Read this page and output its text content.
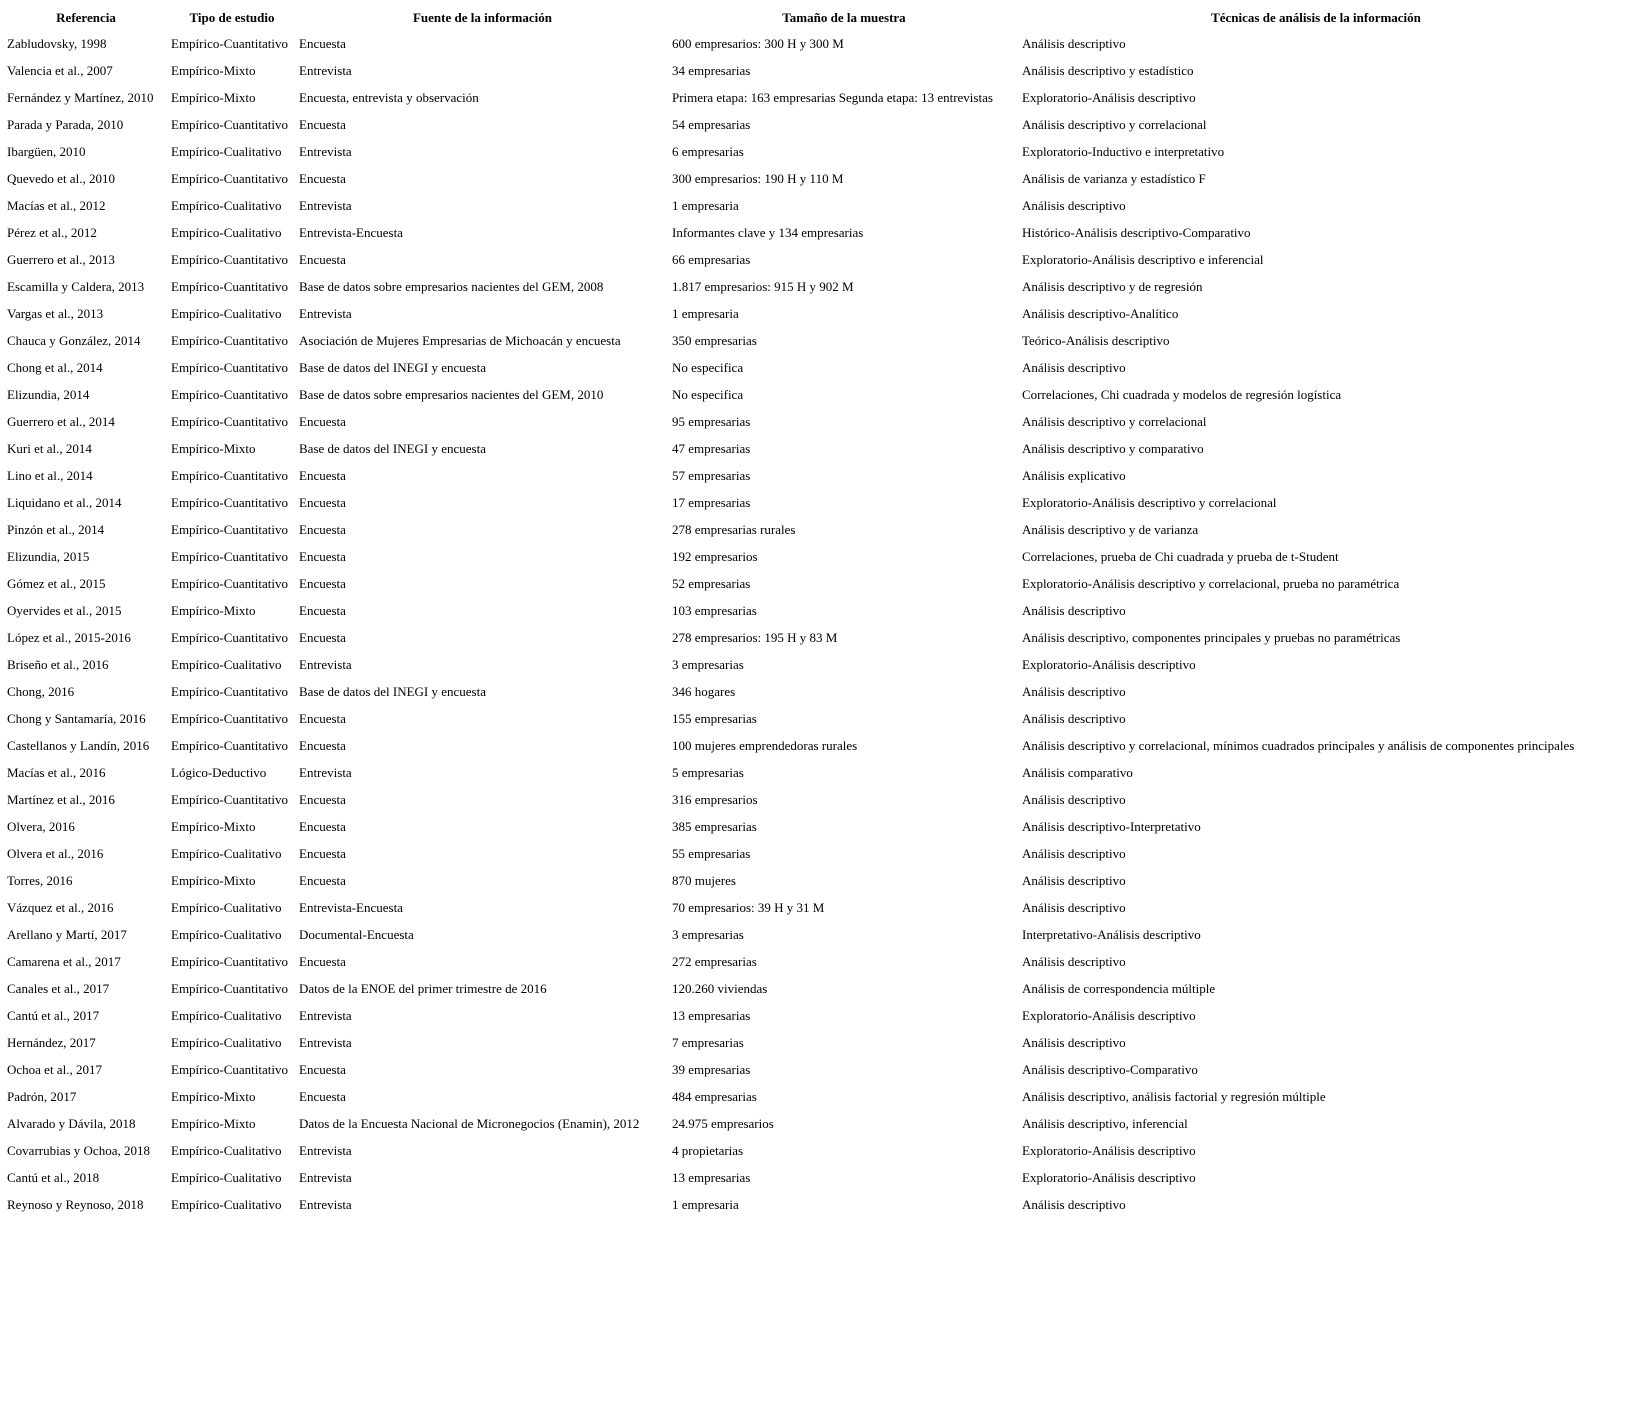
Referencia	Tipo de estudio	Fuente de la información	Tamaño de la muestra	Técnicas de análisis de la información
Zabludovsky, 1998	Empírico-Cuantitativo	Encuesta	600 empresarios: 300 H y 300 M	Análisis descriptivo
Valencia et al., 2007	Empírico-Mixto	Entrevista	34 empresarias	Análisis descriptivo y estadístico
Fernández y Martínez, 2010	Empírico-Mixto	Encuesta, entrevista y observación	Primera etapa: 163 empresarias Segunda etapa: 13 entrevistas	Exploratorio-Análisis descriptivo
Parada y Parada, 2010	Empírico-Cuantitativo	Encuesta	54 empresarias	Análisis descriptivo y correlacional
Ibargüen, 2010	Empírico-Cualitativo	Entrevista	6 empresarias	Exploratorio-Inductivo e interpretativo
Quevedo et al., 2010	Empírico-Cuantitativo	Encuesta	300 empresarios: 190 H y 110 M	Análisis de varianza y estadístico F
Macías et al., 2012	Empírico-Cualitativo	Entrevista	1 empresaria	Análisis descriptivo
Pérez et al., 2012	Empírico-Cualitativo	Entrevista-Encuesta	Informantes clave y 134 empresarias	Histórico-Análisis descriptivo-Comparativo
Guerrero et al., 2013	Empírico-Cuantitativo	Encuesta	66 empresarias	Exploratorio-Análisis descriptivo e inferencial
Escamilla y Caldera, 2013	Empírico-Cuantitativo	Base de datos sobre empresarios nacientes del GEM, 2008	1.817 empresarios: 915 H y 902 M	Análisis descriptivo y de regresión
Vargas et al., 2013	Empírico-Cualitativo	Entrevista	1 empresaria	Análisis descriptivo-Analítico
Chauca y González, 2014	Empírico-Cuantitativo	Asociación de Mujeres Empresarias de Michoacán y encuesta	350 empresarias	Teórico-Análisis descriptivo
Chong et al., 2014	Empírico-Cuantitativo	Base de datos del INEGI y encuesta	No especifica	Análisis descriptivo
Elizundia, 2014	Empírico-Cuantitativo	Base de datos sobre empresarios nacientes del GEM, 2010	No especifica	Correlaciones, Chi cuadrada y modelos de regresión logística
Guerrero et al., 2014	Empírico-Cuantitativo	Encuesta	95 empresarias	Análisis descriptivo y correlacional
Kuri et al., 2014	Empírico-Mixto	Base de datos del INEGI y encuesta	47 empresarias	Análisis descriptivo y comparativo
Lino et al., 2014	Empírico-Cuantitativo	Encuesta	57 empresarias	Análisis explicativo
Liquidano et al., 2014	Empírico-Cuantitativo	Encuesta	17 empresarias	Exploratorio-Análisis descriptivo y correlacional
Pinzón et al., 2014	Empírico-Cuantitativo	Encuesta	278 empresarias rurales	Análisis descriptivo y de varianza
Elizundia, 2015	Empírico-Cuantitativo	Encuesta	192 empresarios	Correlaciones, prueba de Chi cuadrada y prueba de t-Student
Gómez et al., 2015	Empírico-Cuantitativo	Encuesta	52 empresarias	Exploratorio-Análisis descriptivo y correlacional, prueba no paramétrica
Oyervides et al., 2015	Empírico-Mixto	Encuesta	103 empresarias	Análisis descriptivo
López et al., 2015-2016	Empírico-Cuantitativo	Encuesta	278 empresarios: 195 H y 83 M	Análisis descriptivo, componentes principales y pruebas no paramétricas
Briseño et al., 2016	Empírico-Cualitativo	Entrevista	3 empresarias	Exploratorio-Análisis descriptivo
Chong, 2016	Empírico-Cuantitativo	Base de datos del INEGI y encuesta	346 hogares	Análisis descriptivo
Chong y Santamaría, 2016	Empírico-Cuantitativo	Encuesta	155 empresarias	Análisis descriptivo
Castellanos y Landín, 2016	Empírico-Cuantitativo	Encuesta	100 mujeres emprendedoras rurales	Análisis descriptivo y correlacional, mínimos cuadrados principales y análisis de componentes principales
Macías et al., 2016	Lógico-Deductivo	Entrevista	5 empresarias	Análisis comparativo
Martínez et al., 2016	Empírico-Cuantitativo	Encuesta	316 empresarios	Análisis descriptivo
Olvera, 2016	Empírico-Mixto	Encuesta	385 empresarias	Análisis descriptivo-Interpretativo
Olvera et al., 2016	Empírico-Cualitativo	Encuesta	55 empresarias	Análisis descriptivo
Torres, 2016	Empírico-Mixto	Encuesta	870 mujeres	Análisis descriptivo
Vázquez et al., 2016	Empírico-Cualitativo	Entrevista-Encuesta	70 empresarios: 39 H y 31 M	Análisis descriptivo
Arellano y Martí, 2017	Empírico-Cualitativo	Documental-Encuesta	3 empresarias	Interpretativo-Análisis descriptivo
Camarena et al., 2017	Empírico-Cuantitativo	Encuesta	272 empresarias	Análisis descriptivo
Canales et al., 2017	Empírico-Cuantitativo	Datos de la ENOE del primer trimestre de 2016	120.260 viviendas	Análisis de correspondencia múltiple
Cantú et al., 2017	Empírico-Cualitativo	Entrevista	13 empresarias	Exploratorio-Análisis descriptivo
Hernández, 2017	Empírico-Cualitativo	Entrevista	7 empresarias	Análisis descriptivo
Ochoa et al., 2017	Empírico-Cuantitativo	Encuesta	39 empresarias	Análisis descriptivo-Comparativo
Padrón, 2017	Empírico-Mixto	Encuesta	484 empresarias	Análisis descriptivo, análisis factorial y regresión múltiple
Alvarado y Dávila, 2018	Empírico-Mixto	Datos de la Encuesta Nacional de Micronegocios (Enamin), 2012	24.975 empresarios	Análisis descriptivo, inferencial
Covarrubias y Ochoa, 2018	Empírico-Cualitativo	Entrevista	4 propietarias	Exploratorio-Análisis descriptivo
Cantú et al., 2018	Empírico-Cualitativo	Entrevista	13 empresarias	Exploratorio-Análisis descriptivo
Reynoso y Reynoso, 2018	Empírico-Cualitativo	Entrevista	1 empresaria	Análisis descriptivo
